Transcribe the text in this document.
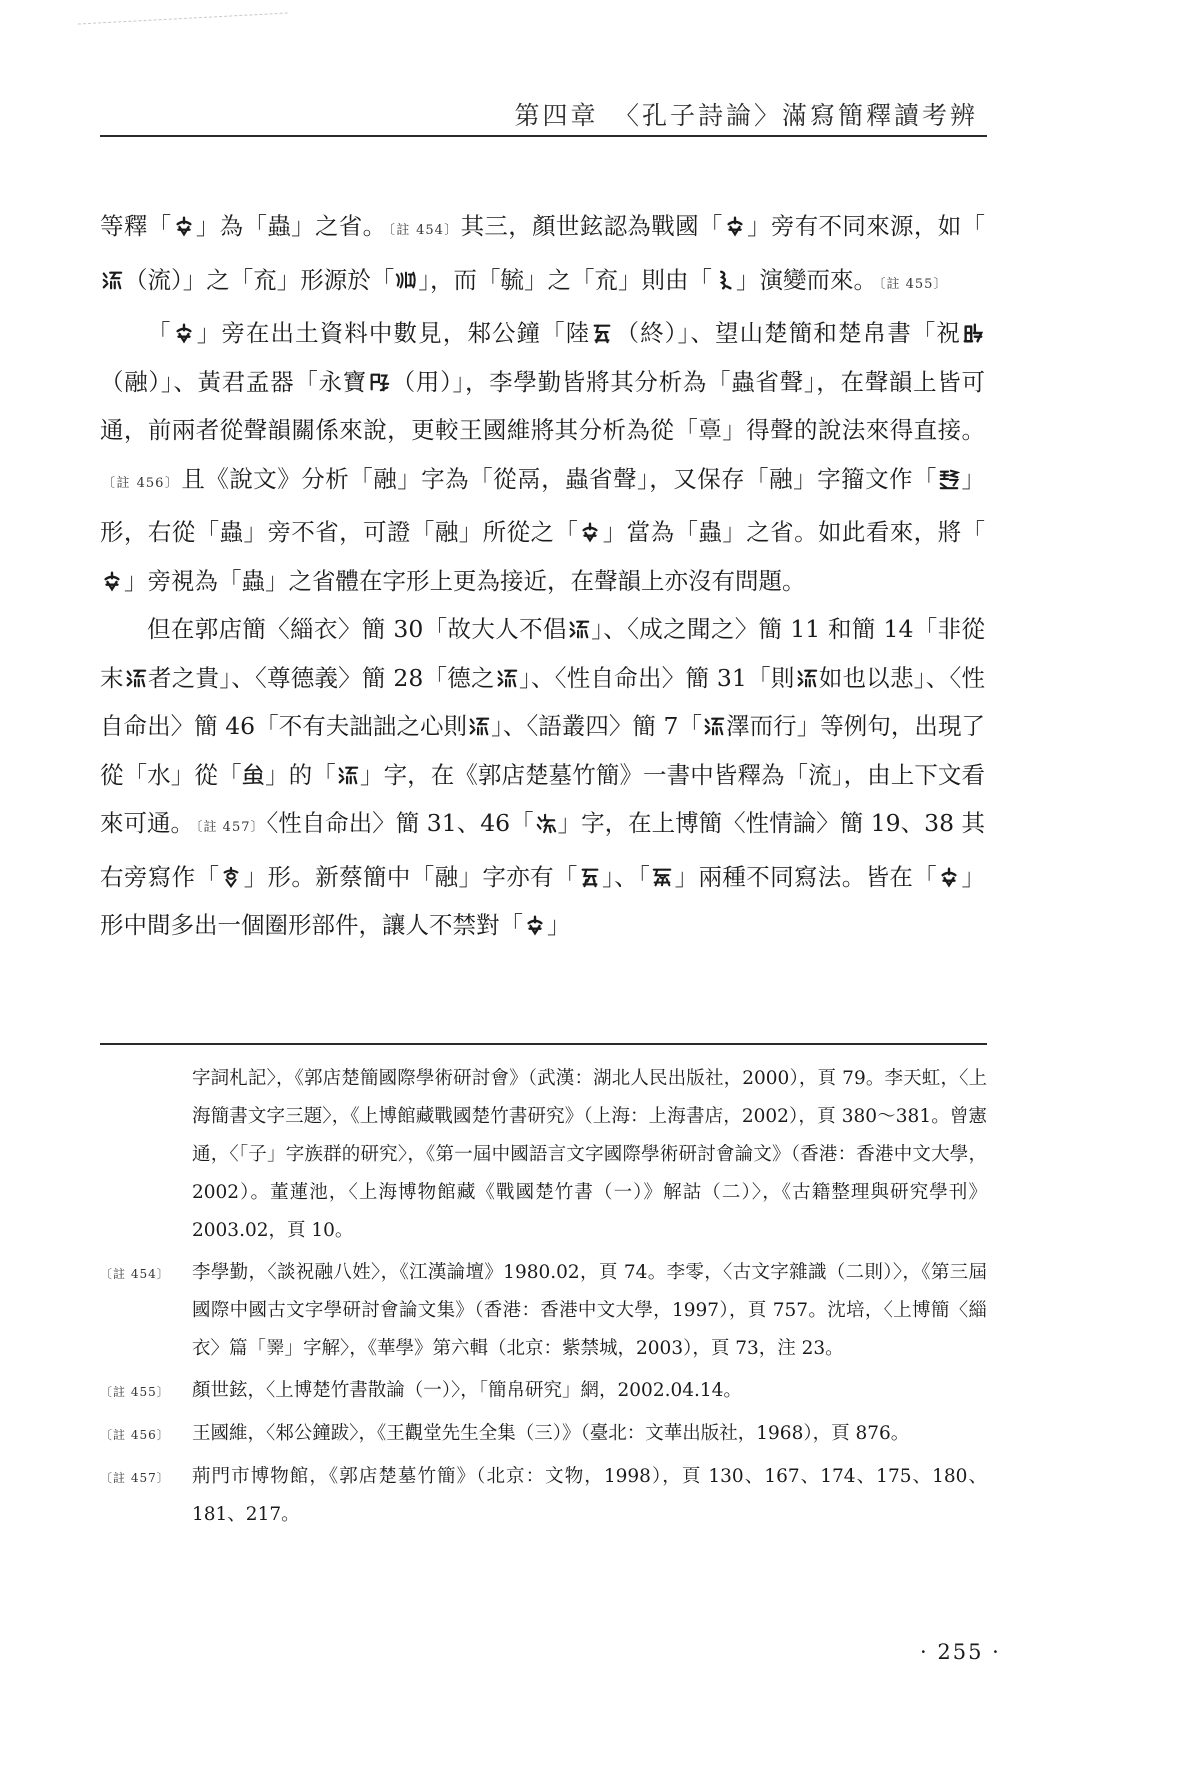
第四章　〈孔子詩論〉滿寫簡釋讀考辨

等釋「 」為「蟲」之省。 〔註 454〕其三，顏世鉉認為戰國「 」旁有不同來源，如「
（流）」之「㐬」形源於「 」，而「毓」之「㐬」則由「 」演變而來。 〔註 455〕

「 」旁在出土資料中數見，邾公鐘「陸 （終）」、望山楚簡和楚帛書「祝
（融）」、黃君孟器「永寶 （用）」，李學勤皆將其分析為「蟲省聲」，在聲韻上皆可通，前兩者從聲韻關係來說，更較王國維將其分析為從「𩫏」得聲的說法來得直接。〔註 456〕且《說文》分析「融」字為「從鬲，蟲省聲」，又保存「融」字籀文作「 」形，右從「蟲」旁不省，可證「融」所從之「 」當為「蟲」之省。如此看來，將「
」旁視為「蟲」之省體在字形上更為接近，在聲韻上亦沒有問題。

但在郭店簡〈緇衣〉簡 30「故大人不倡 」、〈成之聞之〉簡 11 和簡 14「非從末 者之貴」、〈尊德義〉簡 28「德之 」、〈性自命出〉簡 31「則 如也以悲」、〈性自命出〉簡 46「不有夫詘詘之心則 」、〈語叢四〉簡 7「 澤而行」等例句，出現了從「水」從「𧈧」的「 」字，在《郭店楚墓竹簡》一書中皆釋為「流」，由上下文看來可通。 〔註 457〕〈性自命出〉簡 31、46「 」字，在上博簡〈性情論〉簡 19、38 其右旁寫作「 」形。新蔡簡中「融」字亦有「 」、「 」兩種不同寫法。皆在「 」形中間多出一個圈形部件，讓人不禁對「 」

字詞札記〉，《郭店楚簡國際學術研討會》（武漢：湖北人民出版社，2000），頁 79。李天虹，〈上海簡書文字三題〉，《上博館藏戰國楚竹書研究》（上海：上海書店，2002），頁 380～381。曾憲通，〈「子」字族群的研究〉，《第一屆中國語言文字國際學術研討會論文》（香港：香港中文大學，2002）。董蓮池，〈上海博物館藏《戰國楚竹書（一）》解詁（二）〉，《古籍整理與研究學刊》2003.02，頁 10。
〔註 454〕	李學勤，〈談祝融八姓〉，《江漢論壇》1980.02，頁 74。李零，〈古文字雜識（二則）〉，《第三屆國際中國古文字學研討會論文集》（香港：香港中文大學，1997），頁 757。沈培，〈上博簡〈緇衣〉篇「𢍰」字解〉，《華學》第六輯（北京：紫禁城，2003），頁 73，注 23。
〔註 455〕	顏世鉉，〈上博楚竹書散論（一）〉，「簡帛研究」網，2002.04.14。
〔註 456〕	王國維，〈邾公鐘跋〉，《王觀堂先生全集（三）》（臺北：文華出版社，1968），頁 876。
〔註 457〕	荊門市博物館，《郭店楚墓竹簡》（北京：文物，1998），頁 130、167、174、175、180、181、217。
· 255 ·
